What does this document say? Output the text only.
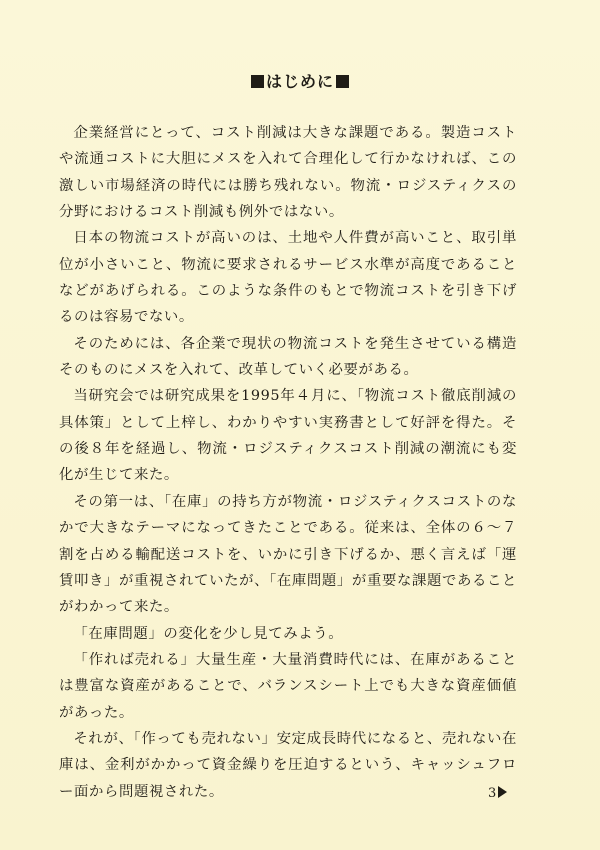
はじめに

企業経営にとって、コスト削減は大きな課題である。製造コストや流通コストに大胆にメスを入れて合理化して行かなければ、この激しい市場経済の時代には勝ち残れない。物流・ロジスティクスの分野におけるコスト削減も例外ではない。

日本の物流コストが高いのは、土地や人件費が高いこと、取引単位が小さいこと、物流に要求されるサービス水準が高度であることなどがあげられる。このような条件のもとで物流コストを引き下げるのは容易でない。

そのためには、各企業で現状の物流コストを発生させている構造そのものにメスを入れて、改革していく必要がある。

当研究会では研究成果を1995年４月に、「物流コスト徹底削減の具体策」として上梓し、わかりやすい実務書として好評を得た。その後８年を経過し、物流・ロジスティクスコスト削減の潮流にも変化が生じて来た。

その第一は、「在庫」の持ち方が物流・ロジスティクスコストのなかで大きなテーマになってきたことである。従来は、全体の６～７割を占める輸配送コストを、いかに引き下げるか、悪く言えば「運賃叩き」が重視されていたが、「在庫問題」が重要な課題であることがわかって来た。

「在庫問題」の変化を少し見てみよう。

「作れば売れる」大量生産・大量消費時代には、在庫があることは豊富な資産があることで、バランスシート上でも大きな資産価値があった。

それが、「作っても売れない」安定成長時代になると、売れない在庫は、金利がかかって資金繰りを圧迫するという、キャッシュフロー面から問題視された。	3
